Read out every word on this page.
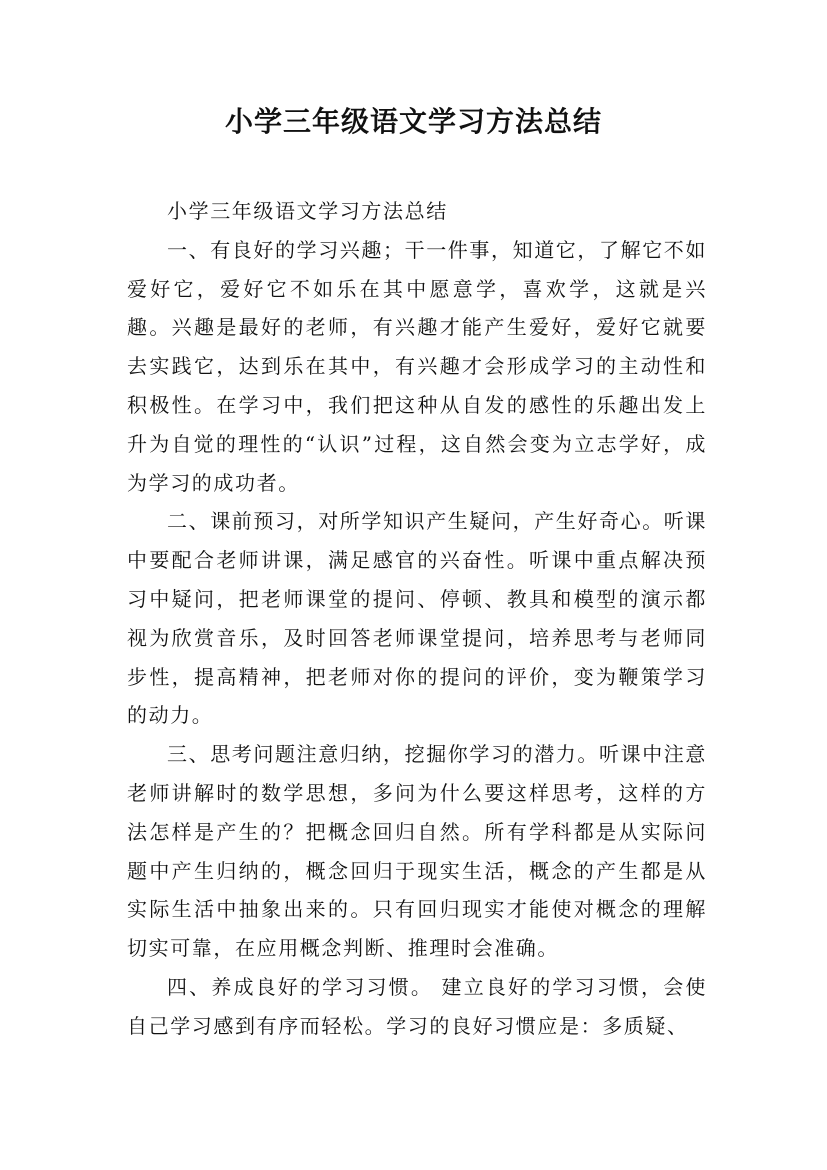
小学三年级语文学习方法总结

小学三年级语文学习方法总结

一、有良好的学习兴趣；干一件事，知道它，了解它不如爱好它，爱好它不如乐在其中愿意学，喜欢学，这就是兴趣。兴趣是最好的老师，有兴趣才能产生爱好，爱好它就要去实践它，达到乐在其中，有兴趣才会形成学习的主动性和积极性。在学习中，我们把这种从自发的感性的乐趣出发上升为自觉的理性的“认识”过程，这自然会变为立志学好，成为学习的成功者。

二、课前预习，对所学知识产生疑问，产生好奇心。听课中要配合老师讲课，满足感官的兴奋性。听课中重点解决预习中疑问，把老师课堂的提问、停顿、教具和模型的演示都视为欣赏音乐，及时回答老师课堂提问，培养思考与老师同步性，提高精神，把老师对你的提问的评价，变为鞭策学习的动力。

三、思考问题注意归纳，挖掘你学习的潜力。听课中注意老师讲解时的数学思想，多问为什么要这样思考，这样的方法怎样是产生的？把概念回归自然。所有学科都是从实际问题中产生归纳的，概念回归于现实生活，概念的产生都是从实际生活中抽象出来的。只有回归现实才能使对概念的理解切实可靠，在应用概念判断、推理时会准确。

四、养成良好的学习习惯。 建立良好的学习习惯，会使自己学习感到有序而轻松。学习的良好习惯应是：多质疑、
